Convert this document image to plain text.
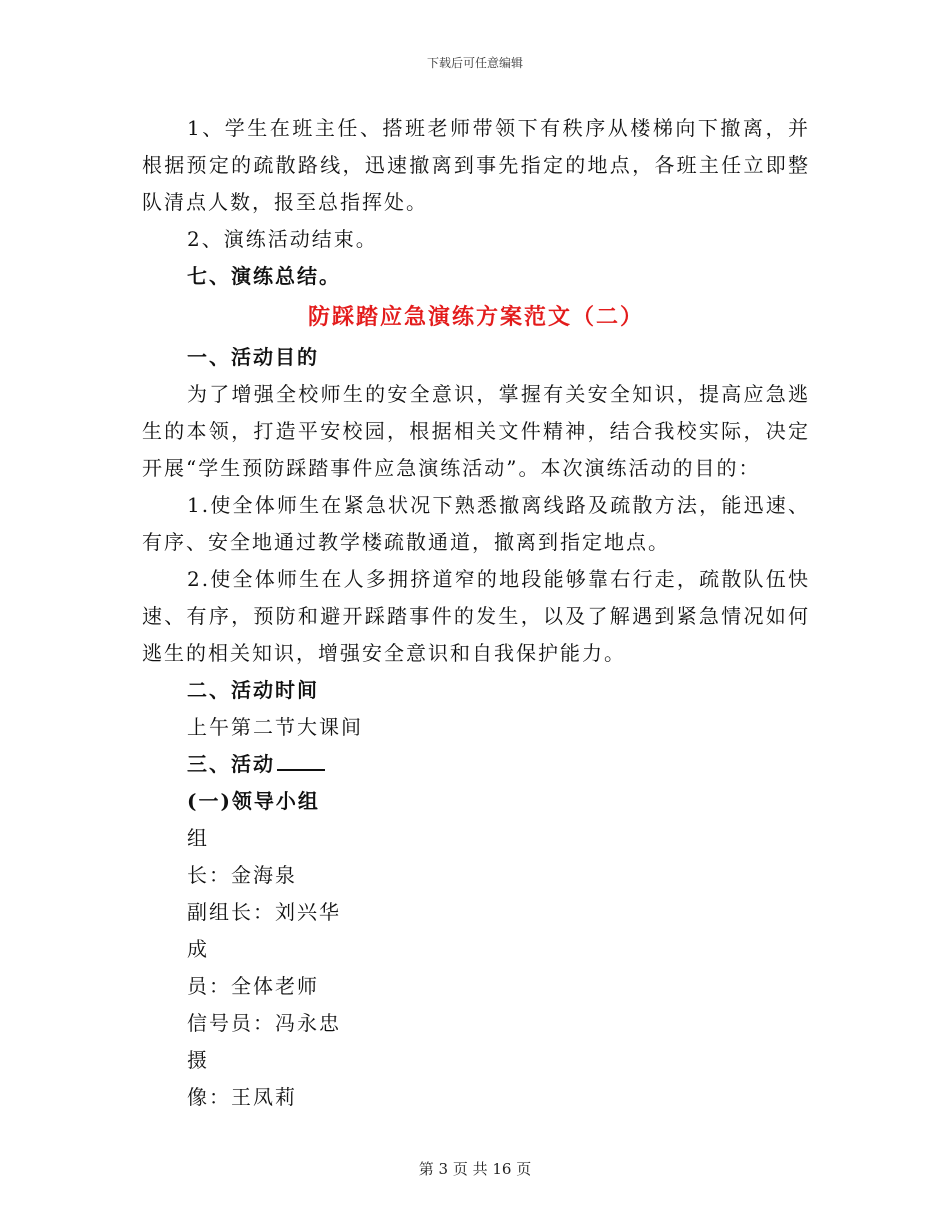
下载后可任意编辑

1、学生在班主任、搭班老师带领下有秩序从楼梯向下撤离，并根据预定的疏散路线，迅速撤离到事先指定的地点，各班主任立即整队清点人数，报至总指挥处。

2、演练活动结束。

七、演练总结。

防踩踏应急演练方案范文（二）

一、活动目的

为了增强全校师生的安全意识，掌握有关安全知识，提高应急逃生的本领，打造平安校园，根据相关文件精神，结合我校实际，决定开展“学生预防踩踏事件应急演练活动”。本次演练活动的目的：

1.使全体师生在紧急状况下熟悉撤离线路及疏散方法，能迅速、有序、安全地通过教学楼疏散通道，撤离到指定地点。

2.使全体师生在人多拥挤道窄的地段能够靠右行走，疏散队伍快速、有序，预防和避开踩踏事件的发生，以及了解遇到紧急情况如何逃生的相关知识，增强安全意识和自我保护能力。

二、活动时间

上午第二节大课间

三、活动

(一)领导小组

组

长：金海泉

副组长：刘兴华

成

员：全体老师

信号员：冯永忠

摄

像：王凤莉

第 3 页 共 16 页
